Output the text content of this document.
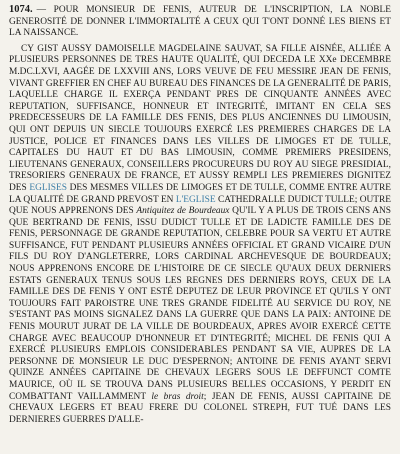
1074. — POUR MONSIEUR DE FENIS, AUTEUR DE L'INSCRIPTION, LA NOBLE GENEROSITÉ DE DONNER L'IMMORTALITÉ A CEUX QUI T'ONT DONNÉ LES BIENS ET LA NAISSANCE.

CY GIST AUSSY DAMOISELLE MAGDELAINE SAUVAT, SA FILLE AISNÉE, ALLIÉE A PLUSIEURS PERSONNES DE TRES HAUTE QUALITÉ, QUI DECEDA LE XXe DECEMBRE M.DC.LXVI, AAGÉE DE LXXVIII ANS, LORS VEUVE DE FEU MESSIRE JEAN DE FENIS, VIVANT GREFFIER EN CHEF AU BUREAU DES FINANCES DE LA GENERALITÉ DE PARIS, LAQUELLE CHARGE IL EXERÇA PENDANT PRES DE CINQUANTE ANNÉES AVEC REPUTATION, SUFFISANCE, HONNEUR ET INTEGRITÉ, IMITANT EN CELA SES PREDECESSEURS DE LA FAMILLE DES FENIS, DES PLUS ANCIENNES DU LIMOUSIN, QUI ONT DEPUIS UN SIECLE TOUJOURS EXERCÉ LES PREMIERES CHARGES DE LA JUSTICE, POLICE ET FINANCES DANS LES VILLES DE LIMOGES ET DE TULLE, CAPITALES DU HAUT ET DU BAS LIMOUSIN, COMME PREMIERS PRESIDENS, LIEUTENANS GENERAUX, CONSEILLERS PROCUREURS DU ROY AU SIEGE PRESIDIAL, TRESORIERS GENERAUX DE FRANCE, ET AUSSY REMPLI LES PREMIERES DIGNITEZ DES EGLISES DES MESMES VILLES DE LIMOGES ET DE TULLE, COMME ENTRE AUTRE LA QUALITÉ DE GRAND PREVOST EN L'EGLISE CATHEDRALLE DUDICT TULLE; OUTRE QUE NOUS APPRENONS DES Antiquitez de Bourdeaux QU'IL Y A PLUS DE TROIS CENS ANS QUE BERTRAND DE FENIS, ISSU DUDICT TULLE ET DE LADICTE FAMILLE DES DE FENIS, PERSONNAGE DE GRANDE REPUTATION, CELEBRE POUR SA VERTU ET AUTRE SUFFISANCE, FUT PENDANT PLUSIEURS ANNÉES OFFICIAL ET GRAND VICAIRE D'UN FILS DU ROY D'ANGLETERRE, LORS CARDINAL ARCHEVESQUE DE BOURDEAUX; NOUS APPRENONS ENCORE DE L'HISTOIRE DE CE SIECLE QU'AUX DEUX DERNIERS ESTATS GENERAUX TENUS SOUS LES REGNES DES DERNIERS ROYS, CEUX DE LA FAMILLE DES DE FENIS Y ONT ESTÉ DEPUTEZ DE LEUR PROVINCE ET QU'ILS Y ONT TOUJOURS FAIT PAROISTRE UNE TRES GRANDE FIDELITÉ AU SERVICE DU ROY, NE S'ESTANT PAS MOINS SIGNALEZ DANS LA GUERRE QUE DANS LA PAIX: ANTOINE DE FENIS MOURUT JURAT DE LA VILLE DE BOURDEAUX, APRES AVOIR EXERCÉ CETTE CHARGE AVEC BEAUCOUP D'HONNEUR ET D'INTEGRITÉ; MICHEL DE FENIS QUI A EXERCÉ PLUSIEURS EMPLOIS CONSIDERABLES PENDANT SA VIE, AUPRES DE LA PERSONNE DE MONSIEUR LE DUC D'ESPERNON; ANTOINE DE FENIS AYANT SERVI QUINZE ANNÉES CAPITAINE DE CHEVAUX LEGERS SOUS LE DEFFUNCT COMTE MAURICE, OÙ IL SE TROUVA DANS PLUSIEURS BELLES OCCASIONS, Y PERDIT EN COMBATTANT VAILLAMMENT le bras droit; JEAN DE FENIS, AUSSI CAPITAINE DE CHEVAUX LEGERS ET BEAU FRERE DU COLONEL STREPH, FUT TUÉ DANS LES DERNIERES GUERRES D'ALLE-
